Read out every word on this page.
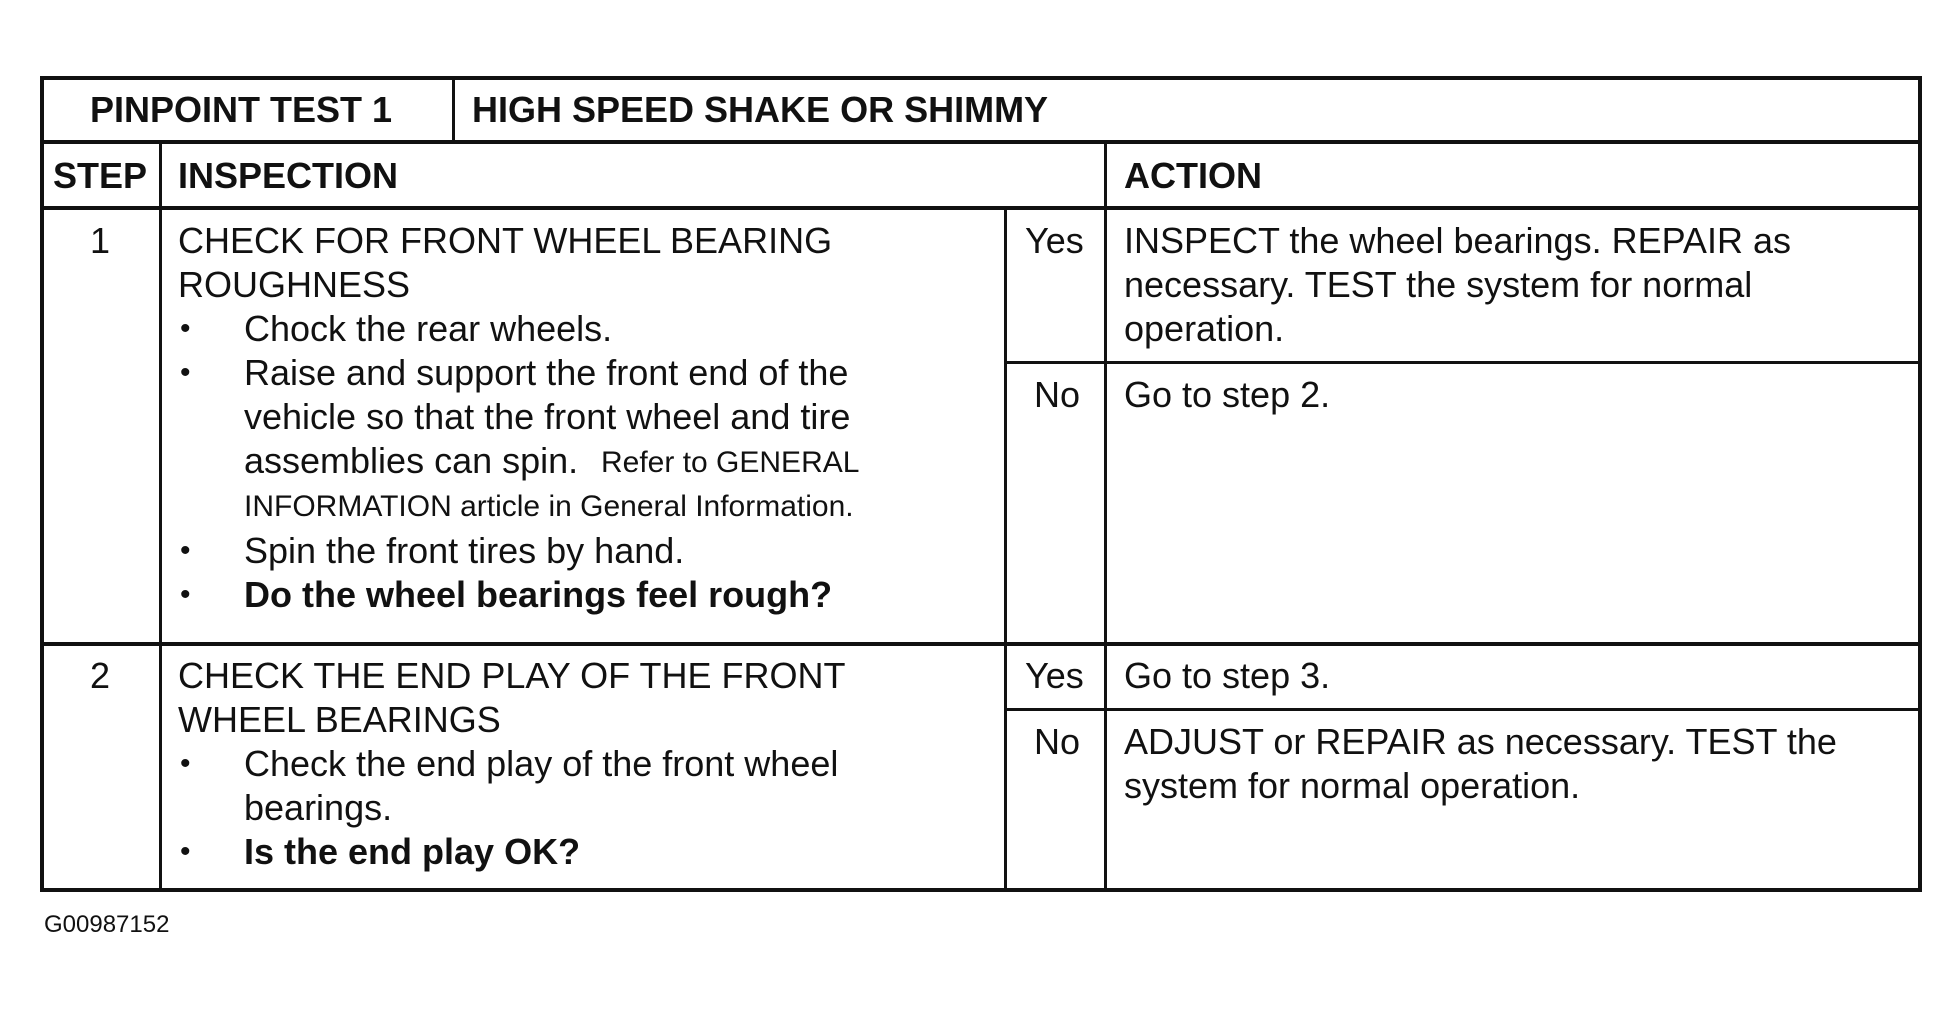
PINPOINT TEST 1 HIGH SPEED SHAKE OR SHIMMY
STEP INSPECTION	ACTION
1 CHECK FOR FRONT WHEEL BEARING
ROUGHNESS
• Chock the rear wheels.
• Raise and support the front end of the
vehicle so that the front wheel and tire
assemblies can spin. Refer to GENERAL
INFORMATION article in General Information.
• Spin the front tires by hand.
• Do the wheel bearings feel rough?
Yes INSPECT the wheel bearings. REPAIR as
necessary. TEST the system for normal
operation.
No Go to step 2.
2 CHECK THE END PLAY OF THE FRONT
WHEEL BEARINGS
• Check the end play of the front wheel
bearings.
• Is the end play OK?
Yes Go to step 3.
No ADJUST or REPAIR as necessary. TEST the
system for normal operation.
G00987152
